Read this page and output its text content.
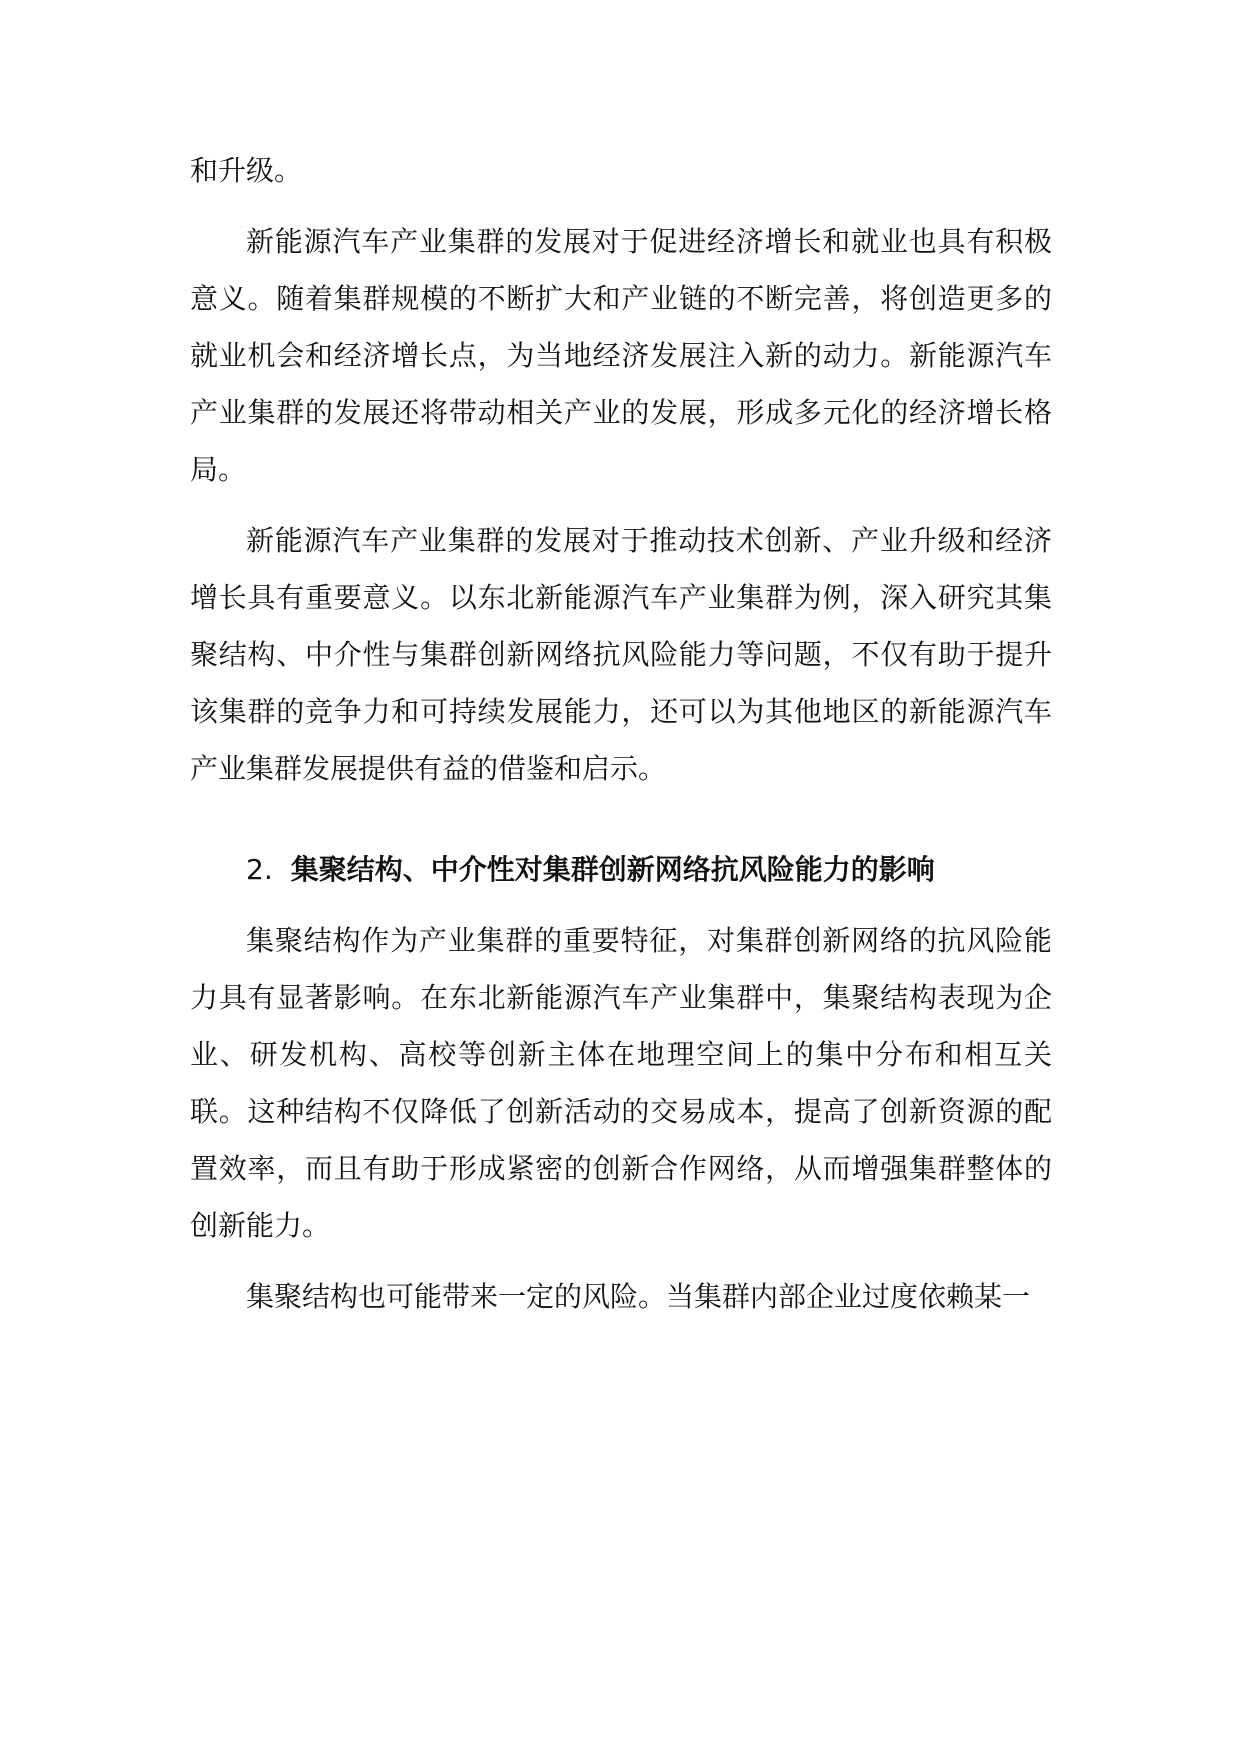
和升级。

新能源汽车产业集群的发展对于促进经济增长和就业也具有积极意义。随着集群规模的不断扩大和产业链的不断完善，将创造更多的就业机会和经济增长点，为当地经济发展注入新的动力。新能源汽车产业集群的发展还将带动相关产业的发展，形成多元化的经济增长格局。

新能源汽车产业集群的发展对于推动技术创新、产业升级和经济增长具有重要意义。以东北新能源汽车产业集群为例，深入研究其集聚结构、中介性与集群创新网络抗风险能力等问题，不仅有助于提升该集群的竞争力和可持续发展能力，还可以为其他地区的新能源汽车产业集群发展提供有益的借鉴和启示。

2. 集聚结构、中介性对集群创新网络抗风险能力的影响

集聚结构作为产业集群的重要特征，对集群创新网络的抗风险能力具有显著影响。在东北新能源汽车产业集群中，集聚结构表现为企业、研发机构、高校等创新主体在地理空间上的集中分布和相互关联。这种结构不仅降低了创新活动的交易成本，提高了创新资源的配置效率，而且有助于形成紧密的创新合作网络，从而增强集群整体的创新能力。

集聚结构也可能带来一定的风险。当集群内部企业过度依赖某一
